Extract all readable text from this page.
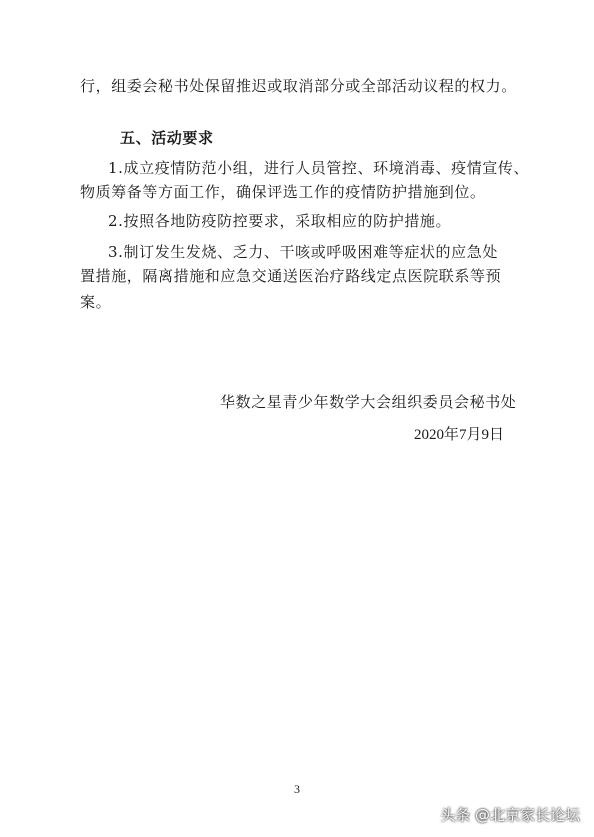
行，组委会秘书处保留推迟或取消部分或全部活动议程的权力。
五、活动要求
1.成立疫情防范小组，进行人员管控、环境消毒、疫情宣传、
物质筹备等方面工作，确保评选工作的疫情防护措施到位。
2.按照各地防疫防控要求，采取相应的防护措施。
3.制订发生发烧、乏力、干咳或呼吸困难等症状的应急处
置措施，隔离措施和应急交通送医治疗路线定点医院联系等预
案。
华数之星青少年数学大会组织委员会秘书处
2020年7月9日
3
头条 @北京家长论坛
